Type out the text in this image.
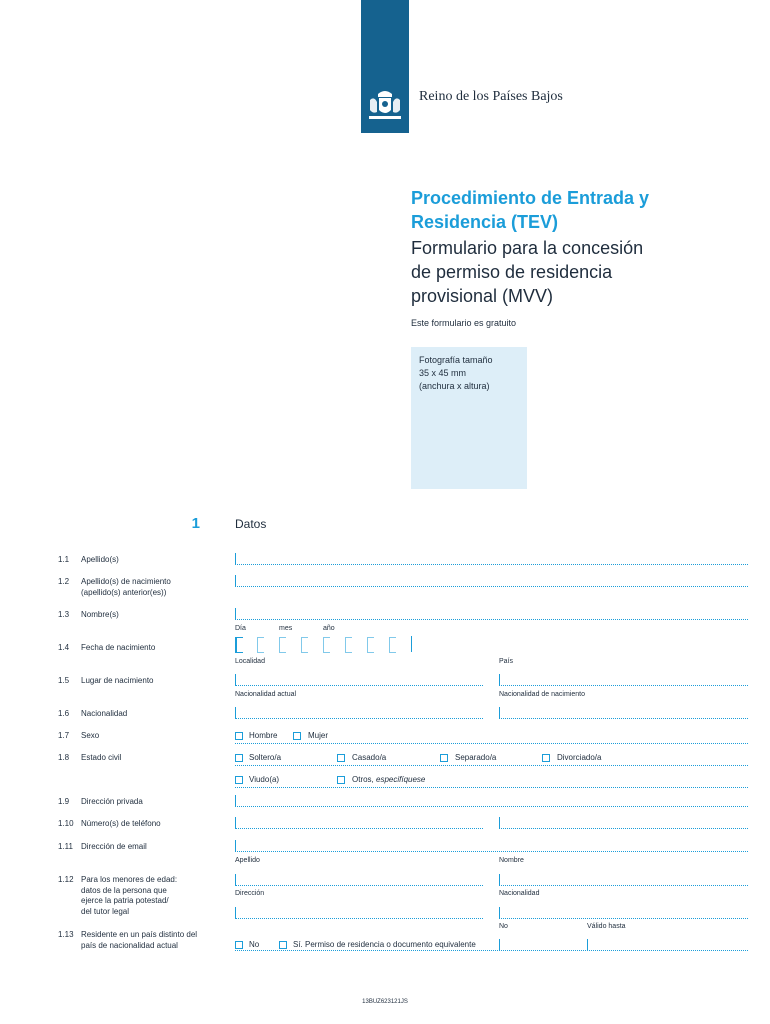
Reino de los Países Bajos
Procedimiento de Entrada y
Residencia (TEV)
Formulario para la concesión
de permiso de residencia
provisional (MVV)
Este formulario es gratuito
Fotografía tamaño
35 x 45 mm
(anchura x altura)
1	Datos
1.1 Apellido(s)
1.2 Apellido(s) de nacimiento
(apellido(s) anterior(es))
1.3 Nombre(s)
Día	mes	año
1.4 Fecha de nacimiento
Localidad	País
1.5 Lugar de nacimiento
Nacionalidad actual	Nacionalidad de nacimiento
1.6 Nacionalidad
1.7 Sexo	Hombre	Mujer
1.8 Estado civil	Soltero/a	Casado/a	Separado/a	Divorciado/a
Viudo(a)	Otros, especifíquese
1.9 Dirección privada
1.10 Número(s) de teléfono
1.11 Dirección de email
Apellido	Nombre
1.12 Para los menores de edad:
datos de la persona que
ejerce la patria potestad/
del tutor legal
Dirección	Nacionalidad
No	Válido hasta
1.13 Residente en un país distinto del
país de nacionalidad actual	No	Sí. Permiso de residencia o documento equivalente
13BUZ623121JS
